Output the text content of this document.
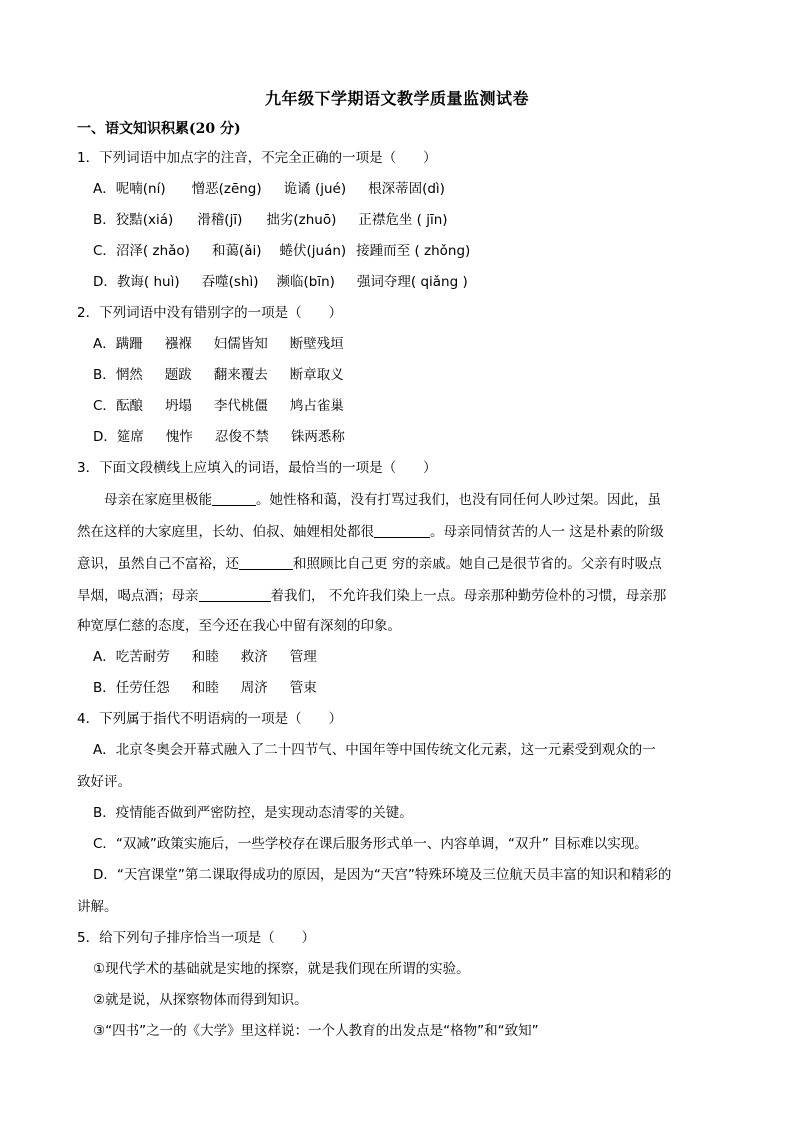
九年级下学期语文教学质量监测试卷
一、语文知识积累(20 分)
1．下列词语中加点字的注音，不完全正确的一项是（　　）
A．呢喃(ní) 憎恶(zēng) 诡谲 (jué) 根深蒂固(dì)
B．狡黠(xiá) 滑稽(jī) 拙劣(zhuō) 正襟危坐 ( jīn)
C．沼泽( zhǎo) 和蔼(ǎi) 蜷伏(juán) 接踵而至 ( zhǒng)
D．教诲( huì) 吞噬(shì) 濒临(bīn) 强词夺理( qiǎng )
2．下列词语中没有错别字的一项是（　　）
A．蹒跚 襁褓 妇儒皆知 断壁残垣
B．惘然 题跋 翻来覆去 断章取义
C．酝酿 坍塌 李代桃僵 鸠占雀巢
D．筵席 愧怍 忍俊不禁 铢两悉称
3．下面文段横线上应填入的词语，最恰当的一项是（　　）
母亲在家庭里极能	。她性格和蔼，没有打骂过我们，也没有同任何人吵过架。因此，虽
然在这样的大家庭里，长幼、伯叔、妯娌相处都很	。母亲同情贫苦的人一 这是朴素的阶级
意识，虽然自己不富裕，还	和照顾比自己更 穷的亲戚。她自己是很节省的。父亲有时吸点
旱烟，喝点酒；母亲	着我们， 不允许我们染上一点。母亲那种勤劳俭朴的习惯，母亲那
种宽厚仁慈的态度，至今还在我心中留有深刻的印象。
A．吃苦耐劳 和睦 救济 管理
B．任劳任怨 和睦 周济 管束
4．下列属于指代不明语病的一项是（　　）
A．北京冬奥会开幕式融入了二十四节气、中国年等中国传统文化元素，这一元素受到观众的一
致好评。
B．疫情能否做到严密防控，是实现动态清零的关键。
C．“双减”政策实施后，一些学校存在课后服务形式单一、内容单调，“双升” 目标难以实现。
D．“天宫课堂”第二课取得成功的原因，是因为“天宫”特殊环境及三位航天员丰富的知识和精彩的
讲解。
5．给下列句子排序恰当一项是（　　）
①现代学术的基础就是实地的探察，就是我们现在所谓的实验。
②就是说，从探察物体而得到知识。
③“四书”之一的《大学》里这样说：一个人教育的出发点是“格物”和“致知”
